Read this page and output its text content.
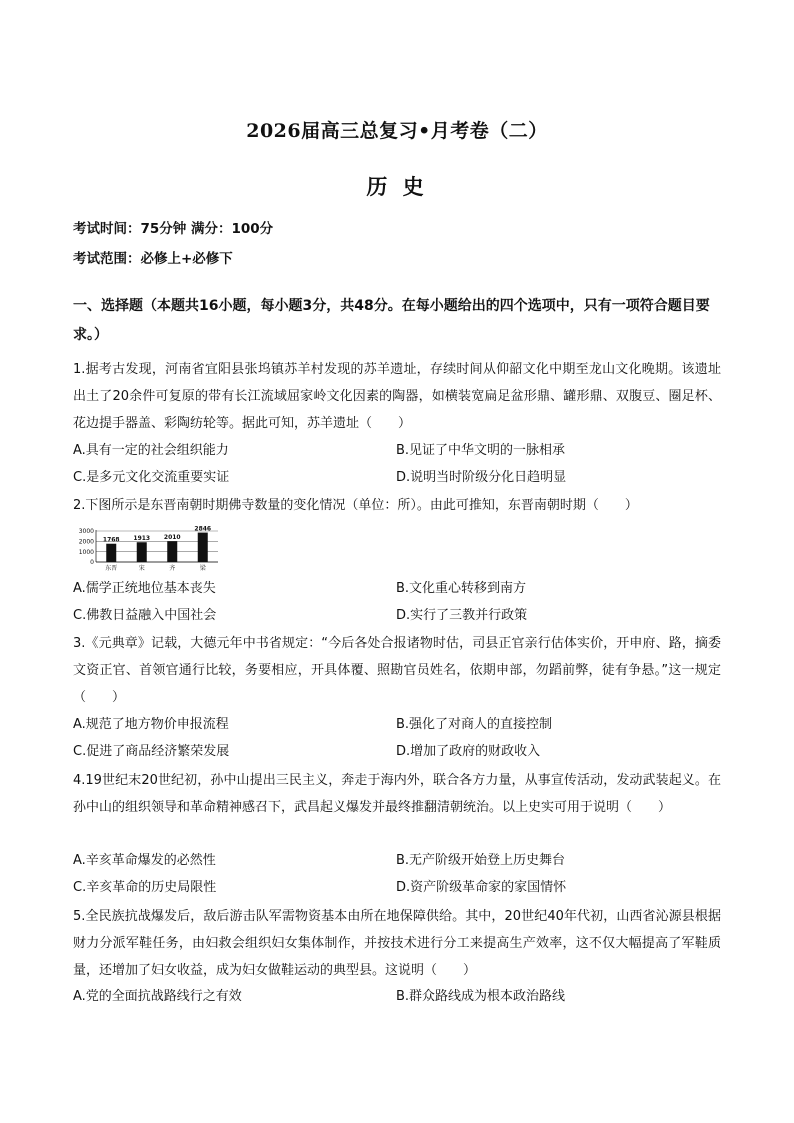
2026届高三总复习•月考卷（二）
历 史
考试时间：75分钟 满分：100分
考试范围：必修上+必修下
一、选择题（本题共16小题，每小题3分，共48分。在每小题给出的四个选项中，只有一项符合题目要求。）
1.据考古发现，河南省宜阳县张坞镇苏羊村发现的苏羊遗址，存续时间从仰韶文化中期至龙山文化晚期。该遗址出土了20余件可复原的带有长江流域屈家岭文化因素的陶器，如横装宽扁足盆形鼎、罐形鼎、双腹豆、圈足杯、花边提手器盖、彩陶纺轮等。据此可知，苏羊遗址（　　）
A.具有一定的社会组织能力	B.见证了中华文明的一脉相承
C.是多元文化交流重要实证	D.说明当时阶级分化日趋明显
2.下图所示是东晋南朝时期佛寺数量的变化情况（单位：所）。由此可推知，东晋南朝时期（　　）
3000
2000
1000
0
1768
东晋
1913
宋
2010
齐
2846
梁
A.儒学正统地位基本丧失	B.文化重心转移到南方
C.佛教日益融入中国社会	D.实行了三教并行政策
3.《元典章》记载，大德元年中书省规定：“今后各处合报诸物时估，司县正官亲行估体实价，开申府、路，摘委文资正官、首领官通行比较，务要相应，开具体覆、照勘官员姓名，依期申部，勿蹈前弊，徒有争悬。”这一规定（　　）
A.规范了地方物价申报流程	B.强化了对商人的直接控制
C.促进了商品经济繁荣发展	D.增加了政府的财政收入
4.19世纪末20世纪初，孙中山提出三民主义，奔走于海内外，联合各方力量，从事宣传活动，发动武装起义。在孙中山的组织领导和革命精神感召下，武昌起义爆发并最终推翻清朝统治。以上史实可用于说明（　　）
A.辛亥革命爆发的必然性	B.无产阶级开始登上历史舞台
C.辛亥革命的历史局限性	D.资产阶级革命家的家国情怀
5.全民族抗战爆发后，敌后游击队军需物资基本由所在地保障供给。其中，20世纪40年代初，山西省沁源县根据财力分派军鞋任务，由妇救会组织妇女集体制作，并按技术进行分工来提高生产效率，这不仅大幅提高了军鞋质量，还增加了妇女收益，成为妇女做鞋运动的典型县。这说明（　　）
A.党的全面抗战路线行之有效	B.群众路线成为根本政治路线
